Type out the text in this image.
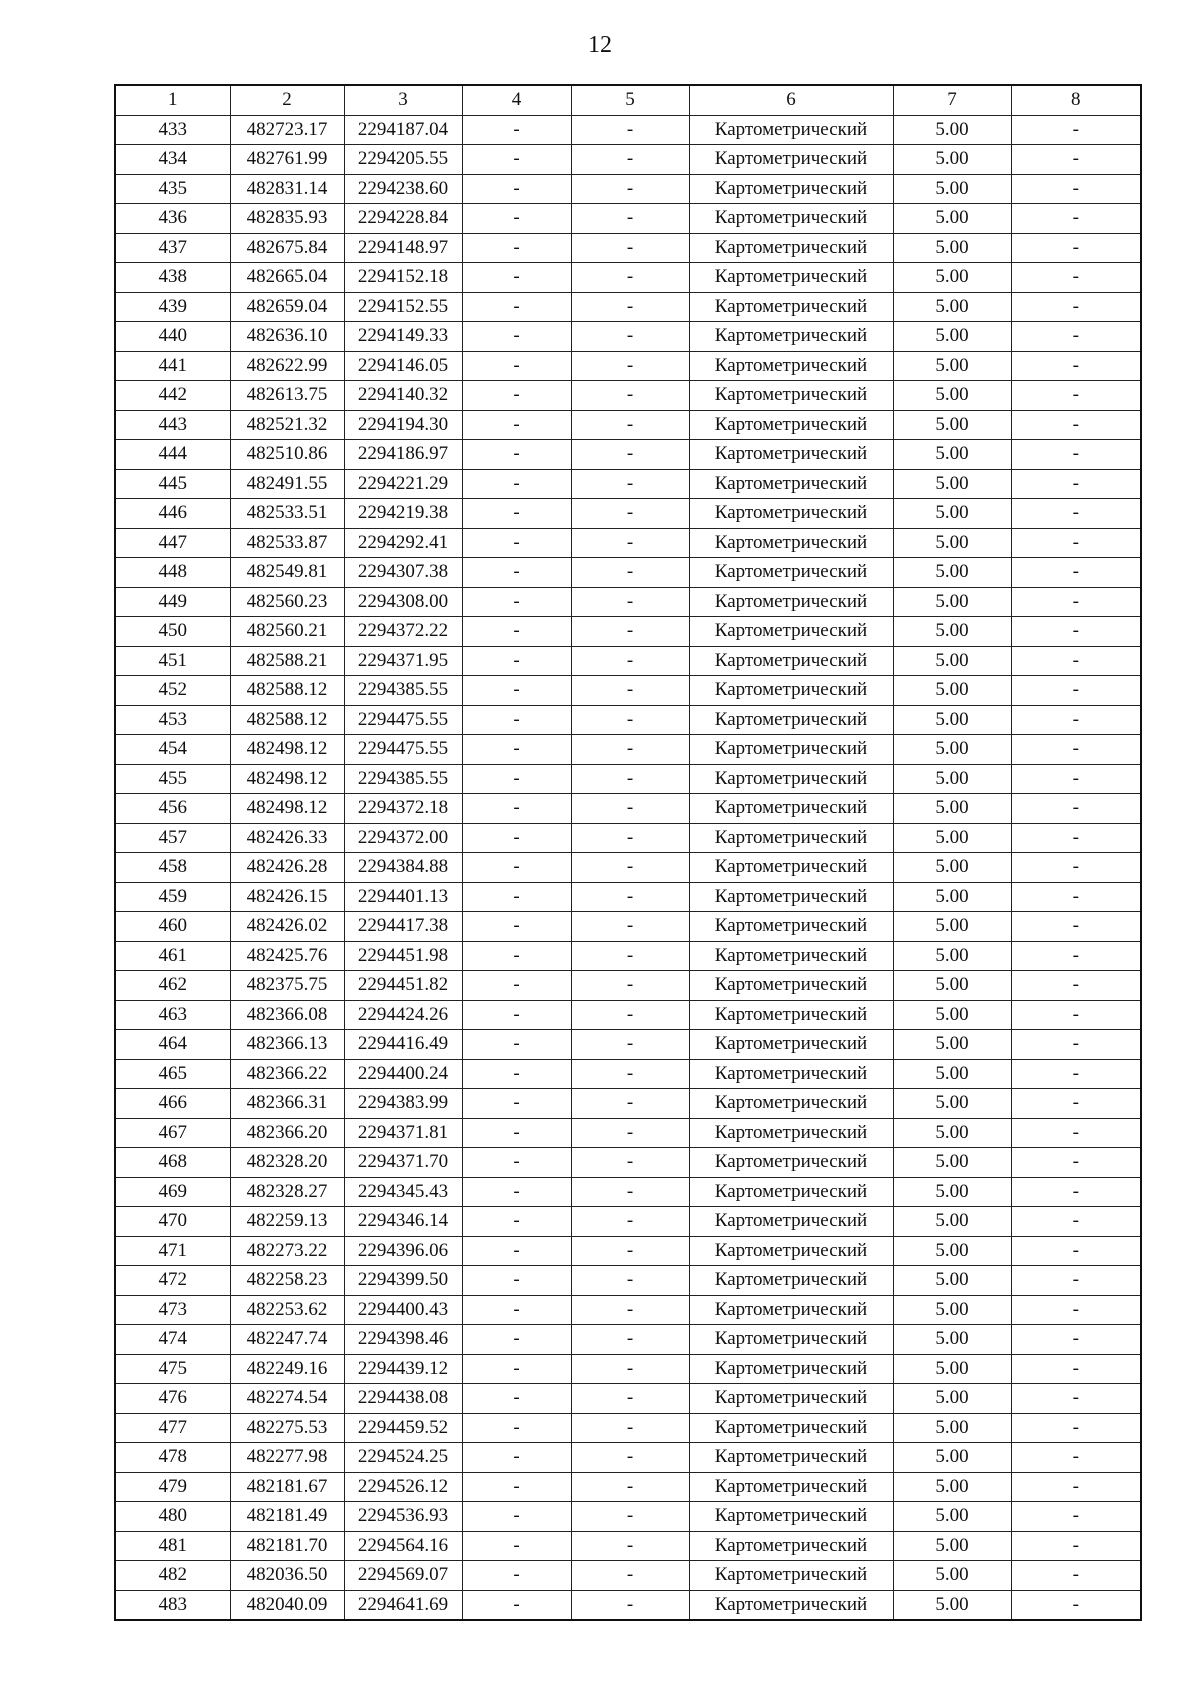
12
1	2	3	4	5	6	7	8
433	482723.17	2294187.04	-	-	Картометрический	5.00	-
434	482761.99	2294205.55	-	-	Картометрический	5.00	-
435	482831.14	2294238.60	-	-	Картометрический	5.00	-
436	482835.93	2294228.84	-	-	Картометрический	5.00	-
437	482675.84	2294148.97	-	-	Картометрический	5.00	-
438	482665.04	2294152.18	-	-	Картометрический	5.00	-
439	482659.04	2294152.55	-	-	Картометрический	5.00	-
440	482636.10	2294149.33	-	-	Картометрический	5.00	-
441	482622.99	2294146.05	-	-	Картометрический	5.00	-
442	482613.75	2294140.32	-	-	Картометрический	5.00	-
443	482521.32	2294194.30	-	-	Картометрический	5.00	-
444	482510.86	2294186.97	-	-	Картометрический	5.00	-
445	482491.55	2294221.29	-	-	Картометрический	5.00	-
446	482533.51	2294219.38	-	-	Картометрический	5.00	-
447	482533.87	2294292.41	-	-	Картометрический	5.00	-
448	482549.81	2294307.38	-	-	Картометрический	5.00	-
449	482560.23	2294308.00	-	-	Картометрический	5.00	-
450	482560.21	2294372.22	-	-	Картометрический	5.00	-
451	482588.21	2294371.95	-	-	Картометрический	5.00	-
452	482588.12	2294385.55	-	-	Картометрический	5.00	-
453	482588.12	2294475.55	-	-	Картометрический	5.00	-
454	482498.12	2294475.55	-	-	Картометрический	5.00	-
455	482498.12	2294385.55	-	-	Картометрический	5.00	-
456	482498.12	2294372.18	-	-	Картометрический	5.00	-
457	482426.33	2294372.00	-	-	Картометрический	5.00	-
458	482426.28	2294384.88	-	-	Картометрический	5.00	-
459	482426.15	2294401.13	-	-	Картометрический	5.00	-
460	482426.02	2294417.38	-	-	Картометрический	5.00	-
461	482425.76	2294451.98	-	-	Картометрический	5.00	-
462	482375.75	2294451.82	-	-	Картометрический	5.00	-
463	482366.08	2294424.26	-	-	Картометрический	5.00	-
464	482366.13	2294416.49	-	-	Картометрический	5.00	-
465	482366.22	2294400.24	-	-	Картометрический	5.00	-
466	482366.31	2294383.99	-	-	Картометрический	5.00	-
467	482366.20	2294371.81	-	-	Картометрический	5.00	-
468	482328.20	2294371.70	-	-	Картометрический	5.00	-
469	482328.27	2294345.43	-	-	Картометрический	5.00	-
470	482259.13	2294346.14	-	-	Картометрический	5.00	-
471	482273.22	2294396.06	-	-	Картометрический	5.00	-
472	482258.23	2294399.50	-	-	Картометрический	5.00	-
473	482253.62	2294400.43	-	-	Картометрический	5.00	-
474	482247.74	2294398.46	-	-	Картометрический	5.00	-
475	482249.16	2294439.12	-	-	Картометрический	5.00	-
476	482274.54	2294438.08	-	-	Картометрический	5.00	-
477	482275.53	2294459.52	-	-	Картометрический	5.00	-
478	482277.98	2294524.25	-	-	Картометрический	5.00	-
479	482181.67	2294526.12	-	-	Картометрический	5.00	-
480	482181.49	2294536.93	-	-	Картометрический	5.00	-
481	482181.70	2294564.16	-	-	Картометрический	5.00	-
482	482036.50	2294569.07	-	-	Картометрический	5.00	-
483	482040.09	2294641.69	-	-	Картометрический	5.00	-
